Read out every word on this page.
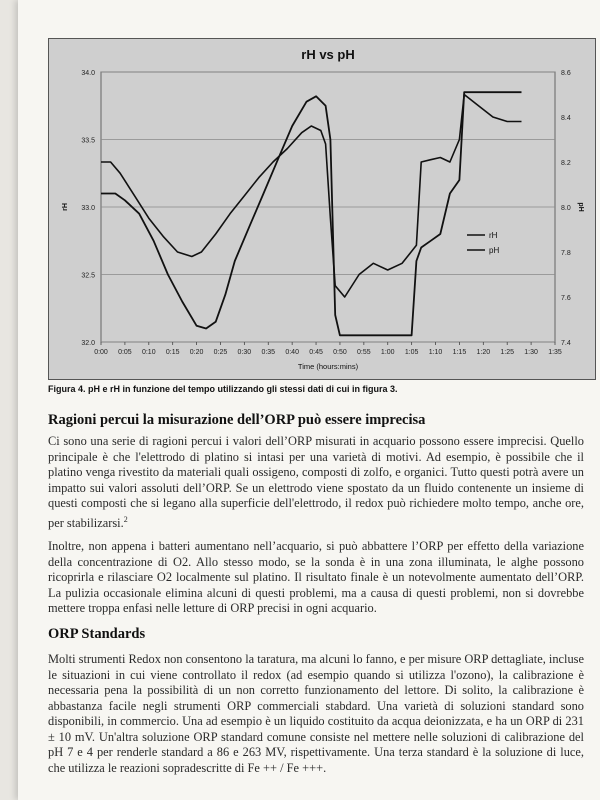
34.0
33.5
33.0
32.5
32.0
8.6
8.4
8.2
8.0
7.8
7.6
7.4
0:00 0:05 0:10 0:15 0:20 0:25 0:30 0:35 0:40 0:45 0:50 0:55 1:00 1:05 1:10 1:15 1:20 1:25 1:30 1:35
rH vs pH
Time (hours:mins)
rH	pH
rH
pH
Figura 4. pH e rH in funzione del tempo utilizzando gli stessi dati di cui in figura 3.
Ragioni percui la misurazione dell’ORP può essere imprecisa
Ci sono una serie di ragioni percui i valori dell’ORP misurati in acquario possono essere imprecisi. Quello principale è che l'elettrodo di platino si intasi per una varietà di motivi. Ad esempio, è possibile che il platino venga rivestito da materiali quali ossigeno, composti di zolfo, e organici. Tutto questi potrà avere un impatto sui valori assoluti dell’ORP. Se un elettrodo viene spostato da un fluido contenente un insieme di questi composti che si legano alla superficie dell'elettrodo, il redox può richiedere molto tempo, anche ore, per stabilizarsi.$^2$
Inoltre, non appena i batteri aumentano nell’acquario, si può abbattere l’ORP per effetto della variazione della concentrazione di O2. Allo stesso modo, se la sonda è in una zona illuminata, le alghe possono ricoprirla e rilasciare O2 localmente sul platino. Il risultato finale è un notevolmente aumentato dell’ORP. La pulizia occasionale elimina alcuni di questi problemi, ma a causa di questi problemi, non si dovrebbe mettere troppa enfasi nelle letture di ORP precisi in ogni acquario.
ORP Standards
Molti strumenti Redox non consentono la taratura, ma alcuni lo fanno, e per misure ORP dettagliate, incluse le situazioni in cui viene controllato il redox (ad esempio quando si utilizza l'ozono), la calibrazione è necessaria pena la possibilità di un non corretto funzionamento del lettore. Di solito, la calibrazione è abbastanza facile negli strumenti ORP commerciali stabdard. Una varietà di soluzioni standard sono disponibili, in commercio. Una ad esempio è un liquido costituito da acqua deionizzata, e ha un ORP di 231 ± 10 mV. Un'altra soluzione ORP standard comune consiste nel mettere nelle soluzioni di calibrazione del pH 7 e 4 per renderle standard a 86 e 263 MV, rispettivamente. Una terza standard è la soluzione di luce, che utilizza le reazioni sopradescritte di Fe ++ / Fe +++.
